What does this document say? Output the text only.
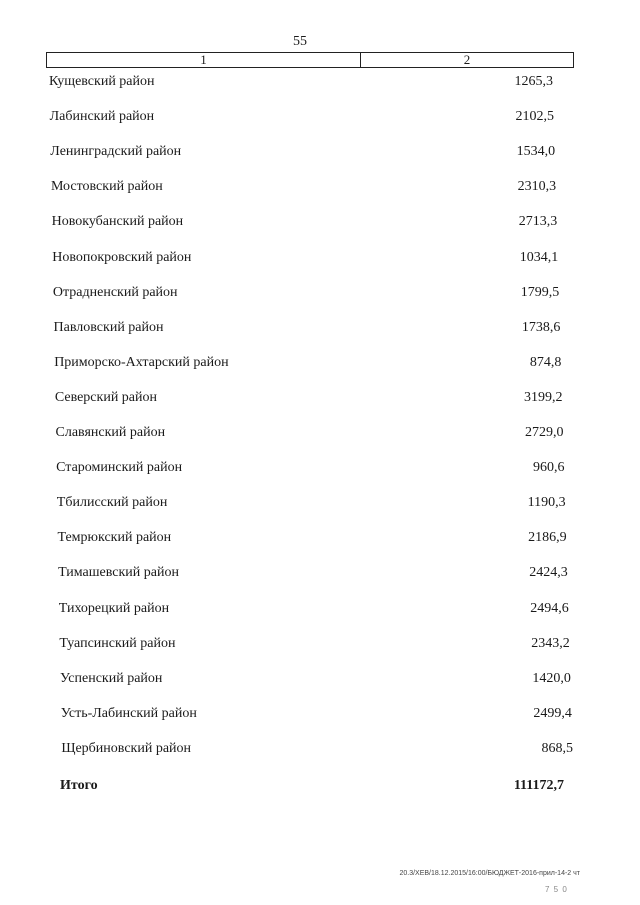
55
1	2
Кущевский район	1265,3
Лабинский район	2102,5
Ленинградский район	1534,0
Мостовский район	2310,3
Новокубанский район	2713,3
Новопокровский район	1034,1
Отрадненский район	1799,5
Павловский район	1738,6
Приморско-Ахтарский район	874,8
Северский район	3199,2
Славянский район	2729,0
Староминский район	960,6
Тбилисский район	1190,3
Темрюкский район	2186,9
Тимашевский район	2424,3
Тихорецкий район	2494,6
Туапсинский район	2343,2
Успенский район	1420,0
Усть-Лабинский район	2499,4
Щербиновский район	868,5
Итого	111172,7
20.3/ХЕВ/18.12.2015/16:00/БЮДЖЕТ-2016-прил-14-2 чт
7 5 0
